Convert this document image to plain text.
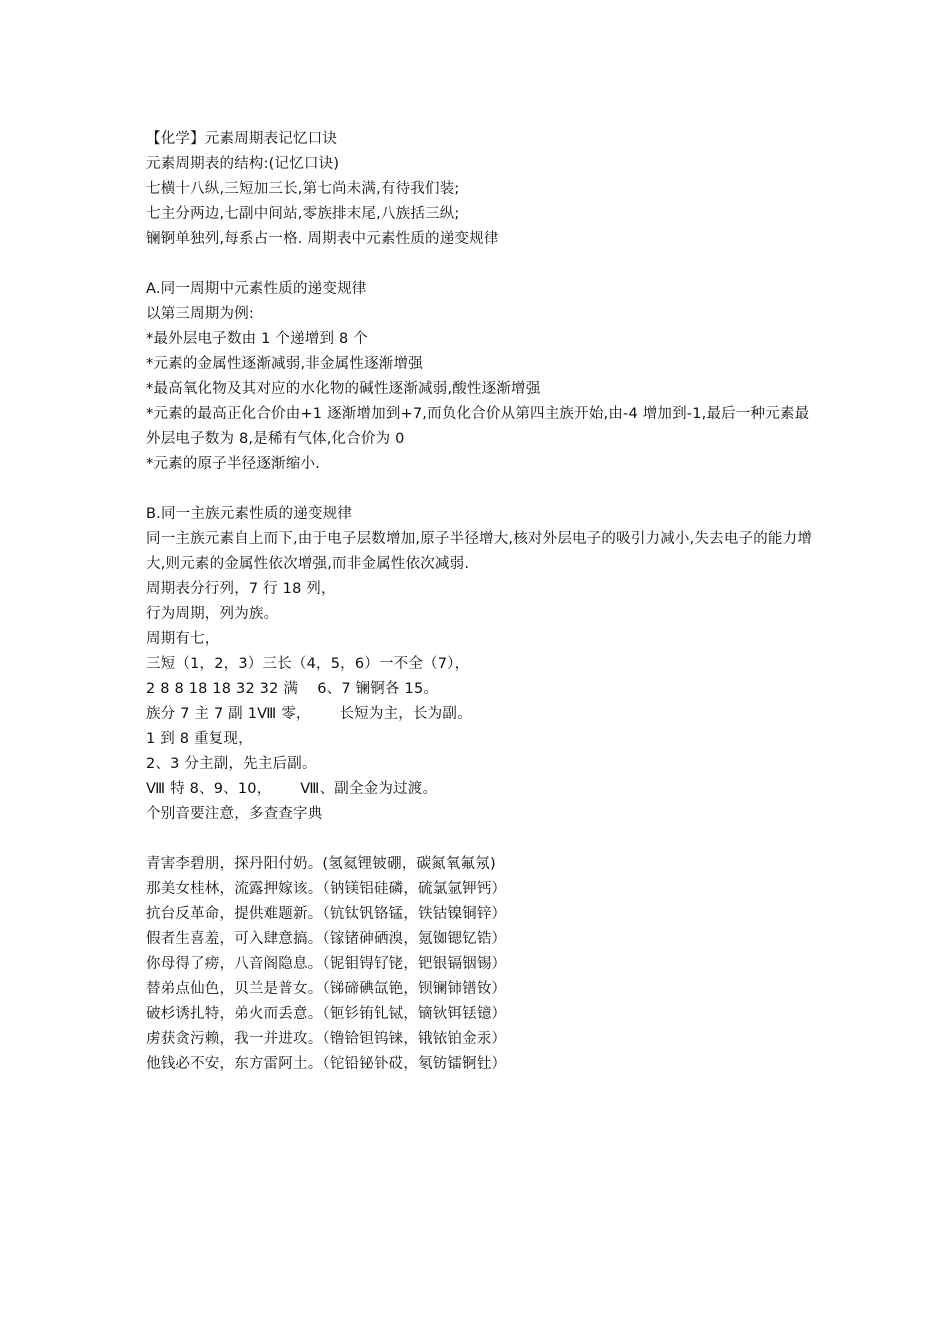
【化学】元素周期表记忆口诀
元素周期表的结构:(记忆口诀)
七横十八纵,三短加三长,第七尚未满,有待我们装;
七主分两边,七副中间站,零族排末尾,八族括三纵;
镧锕单独列,每系占一格. 周期表中元素性质的递变规律
A.同一周期中元素性质的递变规律
以第三周期为例:
*最外层电子数由 1 个递增到 8 个
*元素的金属性逐渐减弱,非金属性逐渐增强
*最高氧化物及其对应的水化物的碱性逐渐减弱,酸性逐渐增强
*元素的最高正化合价由+1 逐渐增加到+7,而负化合价从第四主族开始,由-4 增加到-1,最后一种元素最外层电子数为 8,是稀有气体,化合价为 0
*元素的原子半径逐渐缩小.
B.同一主族元素性质的递变规律
同一主族元素自上而下,由于电子层数增加,原子半径增大,核对外层电子的吸引力减小,失去电子的能力增大,则元素的金属性依次增强,而非金属性依次减弱.
周期表分行列，7 行 18 列，
行为周期，列为族。
周期有七，
三短（1，2，3）三长（4，5，6）一不全（7），
2 8 8 18 18 32 32 满    6、7 镧锕各 15。
族分 7 主 7 副 1Ⅷ 零，      长短为主，长为副。
1 到 8 重复现，
2、3 分主副，先主后副。
Ⅷ 特 8、9、10，      Ⅷ、副全金为过渡。
个别音要注意，多查查字典
青害李碧朋，探丹阳付奶。(氢氦锂铍硼，碳氮氧氟氖)
那美女桂林，流露押嫁该。（钠镁铝硅磷，硫氯氩钾钙）
抗台反革命，提供难题新。（钪钛钒铬锰，铁钴镍铜锌）
假者生喜羞，可入肆意搞。（镓锗砷硒溴，氪铷锶钇锆）
你母得了痨，八音阁隐息。（铌钼锝钌铑，钯银镉铟锡）
替弟点仙色，贝兰是普女。（锑碲碘氙铯，钡镧铈镨钕）
破杉诱扎特，弟火而丢意。（钷钐铕钆铽，镝钬铒铥镱）
虏获贪污赖，我一并进攻。（镥铪钽钨铼，锇铱铂金汞）
他钱必不安，东方雷阿土。（铊铅铋钋砹，氡钫镭锕钍）
